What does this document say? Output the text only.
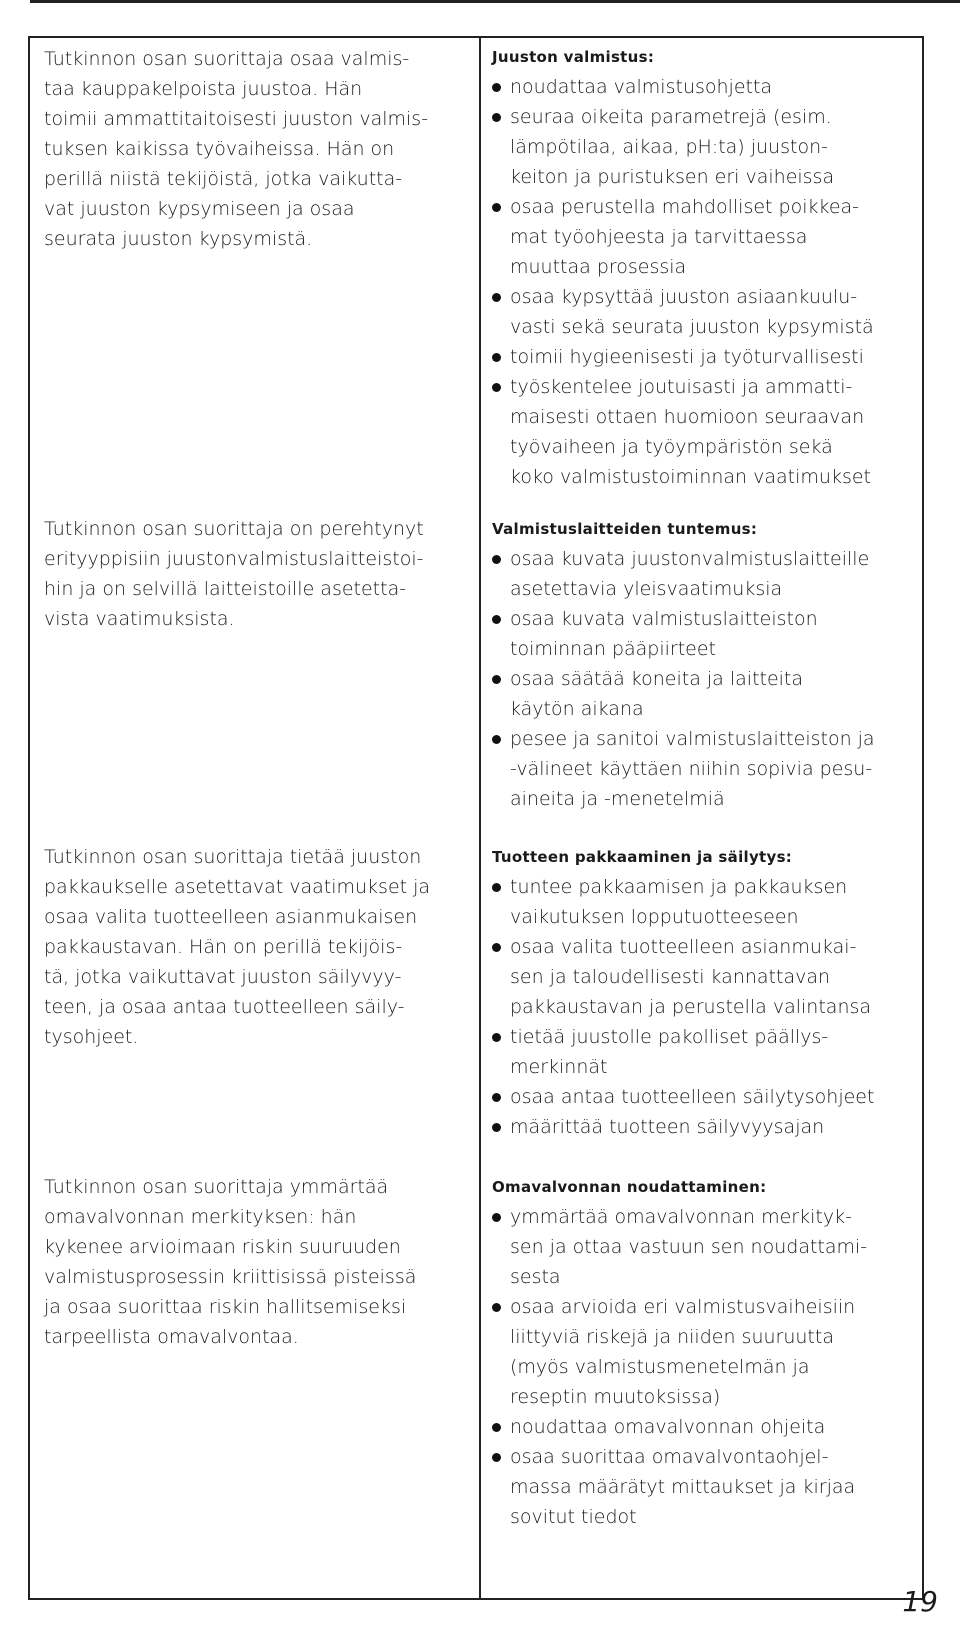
Tutkinnon osan suorittaja osaa valmis-
taa kauppakelpoista juustoa. Hän
toimii ammattitaitoisesti juuston valmis-
tuksen kaikissa työvaiheissa. Hän on
perillä niistä tekijöistä, jotka vaikutta-
vat juuston kypsymiseen ja osaa
seurata juuston kypsymistä.
Juuston valmistus:
noudattaa valmistusohjetta
seuraa oikeita parametrejä (esim.
lämpötilaa, aikaa, pH:ta) juuston-
keiton ja puristuksen eri vaiheissa
osaa perustella mahdolliset poikkea-
mat työohjeesta ja tarvittaessa
muuttaa prosessia
osaa kypsyttää juuston asiaankuulu-
vasti sekä seurata juuston kypsymistä
toimii hygieenisesti ja työturvallisesti
työskentelee joutuisasti ja ammatti-
maisesti ottaen huomioon seuraavan
työvaiheen ja työympäristön sekä
koko valmistustoiminnan vaatimukset
Tutkinnon osan suorittaja on perehtynyt
erityyppisiin juustonvalmistuslaitteistoi-
hin ja on selvillä laitteistoille asetetta-
vista vaatimuksista.
Valmistuslaitteiden tuntemus:
osaa kuvata juustonvalmistuslaitteille
asetettavia yleisvaatimuksia
osaa kuvata valmistuslaitteiston
toiminnan pääpiirteet
osaa säätää koneita ja laitteita
käytön aikana
pesee ja sanitoi valmistuslaitteiston ja
-välineet käyttäen niihin sopivia pesu-
aineita ja -menetelmiä
Tutkinnon osan suorittaja tietää juuston
pakkaukselle asetettavat vaatimukset ja
osaa valita tuotteelleen asianmukaisen
pakkaustavan. Hän on perillä tekijöis-
tä, jotka vaikuttavat juuston säilyvyy-
teen, ja osaa antaa tuotteelleen säily-
tysohjeet.
Tuotteen pakkaaminen ja säilytys:
tuntee pakkaamisen ja pakkauksen
vaikutuksen lopputuotteeseen
osaa valita tuotteelleen asianmukai-
sen ja taloudellisesti kannattavan
pakkaustavan ja perustella valintansa
tietää juustolle pakolliset päällys-
merkinnät
osaa antaa tuotteelleen säilytysohjeet
määrittää tuotteen säilyvyysajan
Tutkinnon osan suorittaja ymmärtää
omavalvonnan merkityksen: hän
kykenee arvioimaan riskin suuruuden
valmistusprosessin kriittisissä pisteissä
ja osaa suorittaa riskin hallitsemiseksi
tarpeellista omavalvontaa.
Omavalvonnan noudattaminen:
ymmärtää omavalvonnan merkityk-
sen ja ottaa vastuun sen noudattami-
sesta
osaa arvioida eri valmistusvaiheisiin
liittyviä riskejä ja niiden suuruutta
(myös valmistusmenetelmän ja
reseptin muutoksissa)
noudattaa omavalvonnan ohjeita
osaa suorittaa omavalvontaohjel-
massa määrätyt mittaukset ja kirjaa
sovitut tiedot
19
